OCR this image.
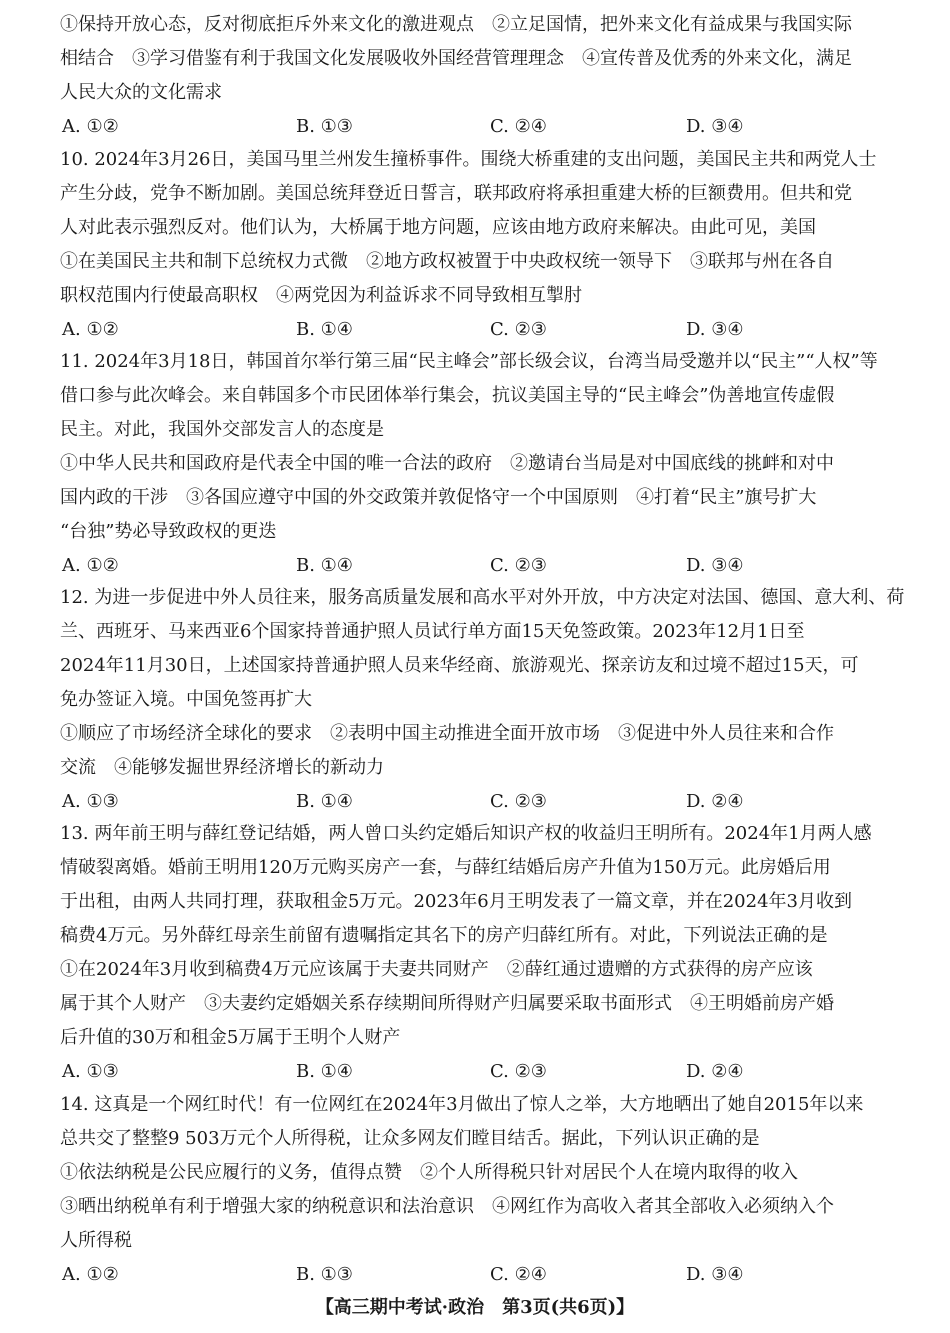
①保持开放心态，反对彻底拒斥外来文化的激进观点　②立足国情，把外来文化有益成果与我国实际
相结合　③学习借鉴有利于我国文化发展吸收外国经营管理理念　④宣传普及优秀的外来文化，满足
人民大众的文化需求
A. ①②	B. ①③	C. ②④	D. ③④
10. 2024年3月26日，美国马里兰州发生撞桥事件。围绕大桥重建的支出问题，美国民主共和两党人士
产生分歧，党争不断加剧。美国总统拜登近日誓言，联邦政府将承担重建大桥的巨额费用。但共和党
人对此表示强烈反对。他们认为，大桥属于地方问题，应该由地方政府来解决。由此可见，美国
①在美国民主共和制下总统权力式微　②地方政权被置于中央政权统一领导下　③联邦与州在各自
职权范围内行使最高职权　④两党因为利益诉求不同导致相互掣肘
A. ①②	B. ①④	C. ②③	D. ③④
11. 2024年3月18日，韩国首尔举行第三届“民主峰会”部长级会议，台湾当局受邀并以“民主”“人权”等
借口参与此次峰会。来自韩国多个市民团体举行集会，抗议美国主导的“民主峰会”伪善地宣传虚假
民主。对此，我国外交部发言人的态度是
①中华人民共和国政府是代表全中国的唯一合法的政府　②邀请台当局是对中国底线的挑衅和对中
国内政的干涉　③各国应遵守中国的外交政策并敦促恪守一个中国原则　④打着“民主”旗号扩大
“台独”势必导致政权的更迭
A. ①②	B. ①④	C. ②③	D. ③④
12. 为进一步促进中外人员往来，服务高质量发展和高水平对外开放，中方决定对法国、德国、意大利、荷
兰、西班牙、马来西亚6个国家持普通护照人员试行单方面15天免签政策。2023年12月1日至
2024年11月30日，上述国家持普通护照人员来华经商、旅游观光、探亲访友和过境不超过15天，可
免办签证入境。中国免签再扩大
①顺应了市场经济全球化的要求　②表明中国主动推进全面开放市场　③促进中外人员往来和合作
交流　④能够发掘世界经济增长的新动力
A. ①③	B. ①④	C. ②③	D. ②④
13. 两年前王明与薛红登记结婚，两人曾口头约定婚后知识产权的收益归王明所有。2024年1月两人感
情破裂离婚。婚前王明用120万元购买房产一套，与薛红结婚后房产升值为150万元。此房婚后用
于出租，由两人共同打理，获取租金5万元。2023年6月王明发表了一篇文章，并在2024年3月收到
稿费4万元。另外薛红母亲生前留有遗嘱指定其名下的房产归薛红所有。对此，下列说法正确的是
①在2024年3月收到稿费4万元应该属于夫妻共同财产　②薛红通过遗赠的方式获得的房产应该
属于其个人财产　③夫妻约定婚姻关系存续期间所得财产归属要采取书面形式　④王明婚前房产婚
后升值的30万和租金5万属于王明个人财产
A. ①③	B. ①④	C. ②③	D. ②④
14. 这真是一个网红时代！有一位网红在2024年3月做出了惊人之举，大方地晒出了她自2015年以来
总共交了整整9 503万元个人所得税，让众多网友们瞠目结舌。据此，下列认识正确的是
①依法纳税是公民应履行的义务，值得点赞　②个人所得税只针对居民个人在境内取得的收入
③晒出纳税单有利于增强大家的纳税意识和法治意识　④网红作为高收入者其全部收入必须纳入个
人所得税
A. ①②	B. ①③	C. ②④	D. ③④
【高三期中考试·政治　第3页(共6页)】
